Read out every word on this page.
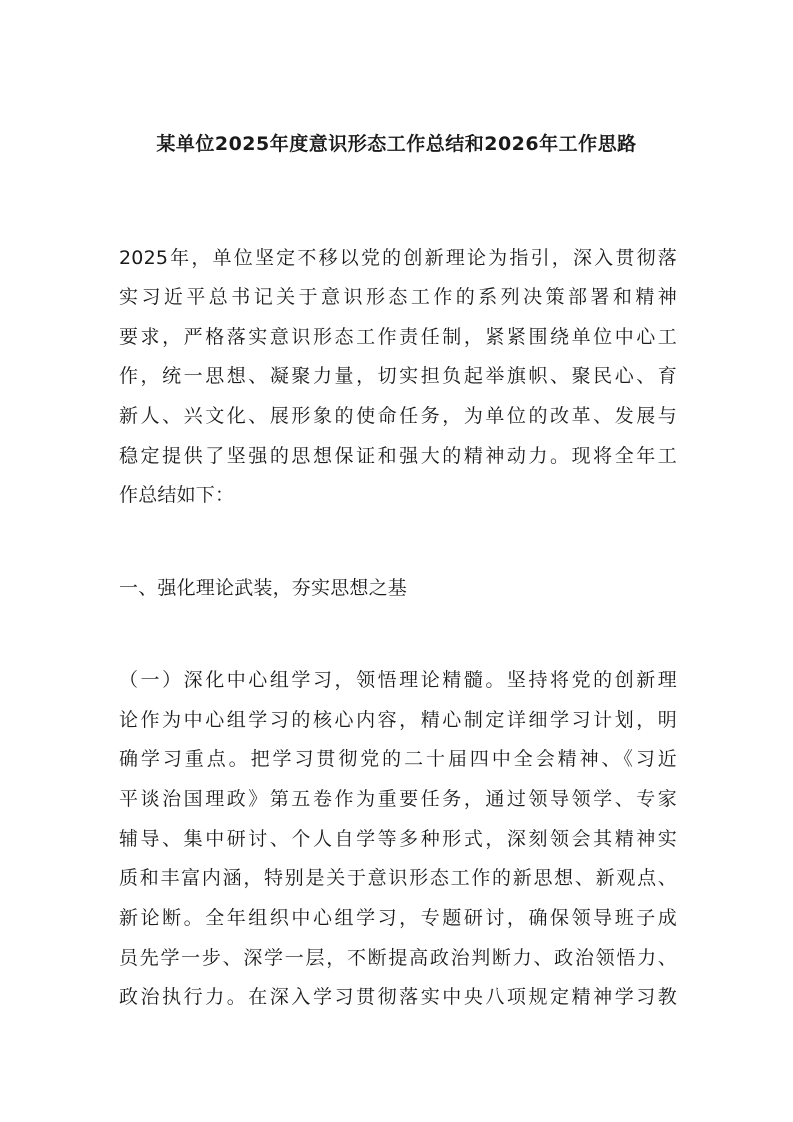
某单位2025年度意识形态工作总结和2026年工作思路
2025年，单位坚定不移以党的创新理论为指引，深入贯彻落
实习近平总书记关于意识形态工作的系列决策部署和精神
要求，严格落实意识形态工作责任制，紧紧围绕单位中心工
作，统一思想、凝聚力量，切实担负起举旗帜、聚民心、育
新人、兴文化、展形象的使命任务，为单位的改革、发展与
稳定提供了坚强的思想保证和强大的精神动力。现将全年工
作总结如下：
一、强化理论武装，夯实思想之基
（一）深化中心组学习，领悟理论精髓。坚持将党的创新理
论作为中心组学习的核心内容，精心制定详细学习计划，明
确学习重点。把学习贯彻党的二十届四中全会精神、《习近
平谈治国理政》第五卷作为重要任务，通过领导领学、专家
辅导、集中研讨、个人自学等多种形式，深刻领会其精神实
质和丰富内涵，特别是关于意识形态工作的新思想、新观点、
新论断。全年组织中心组学习，专题研讨，确保领导班子成
员先学一步、深学一层，不断提高政治判断力、政治领悟力、
政治执行力。在深入学习贯彻落实中央八项规定精神学习教
